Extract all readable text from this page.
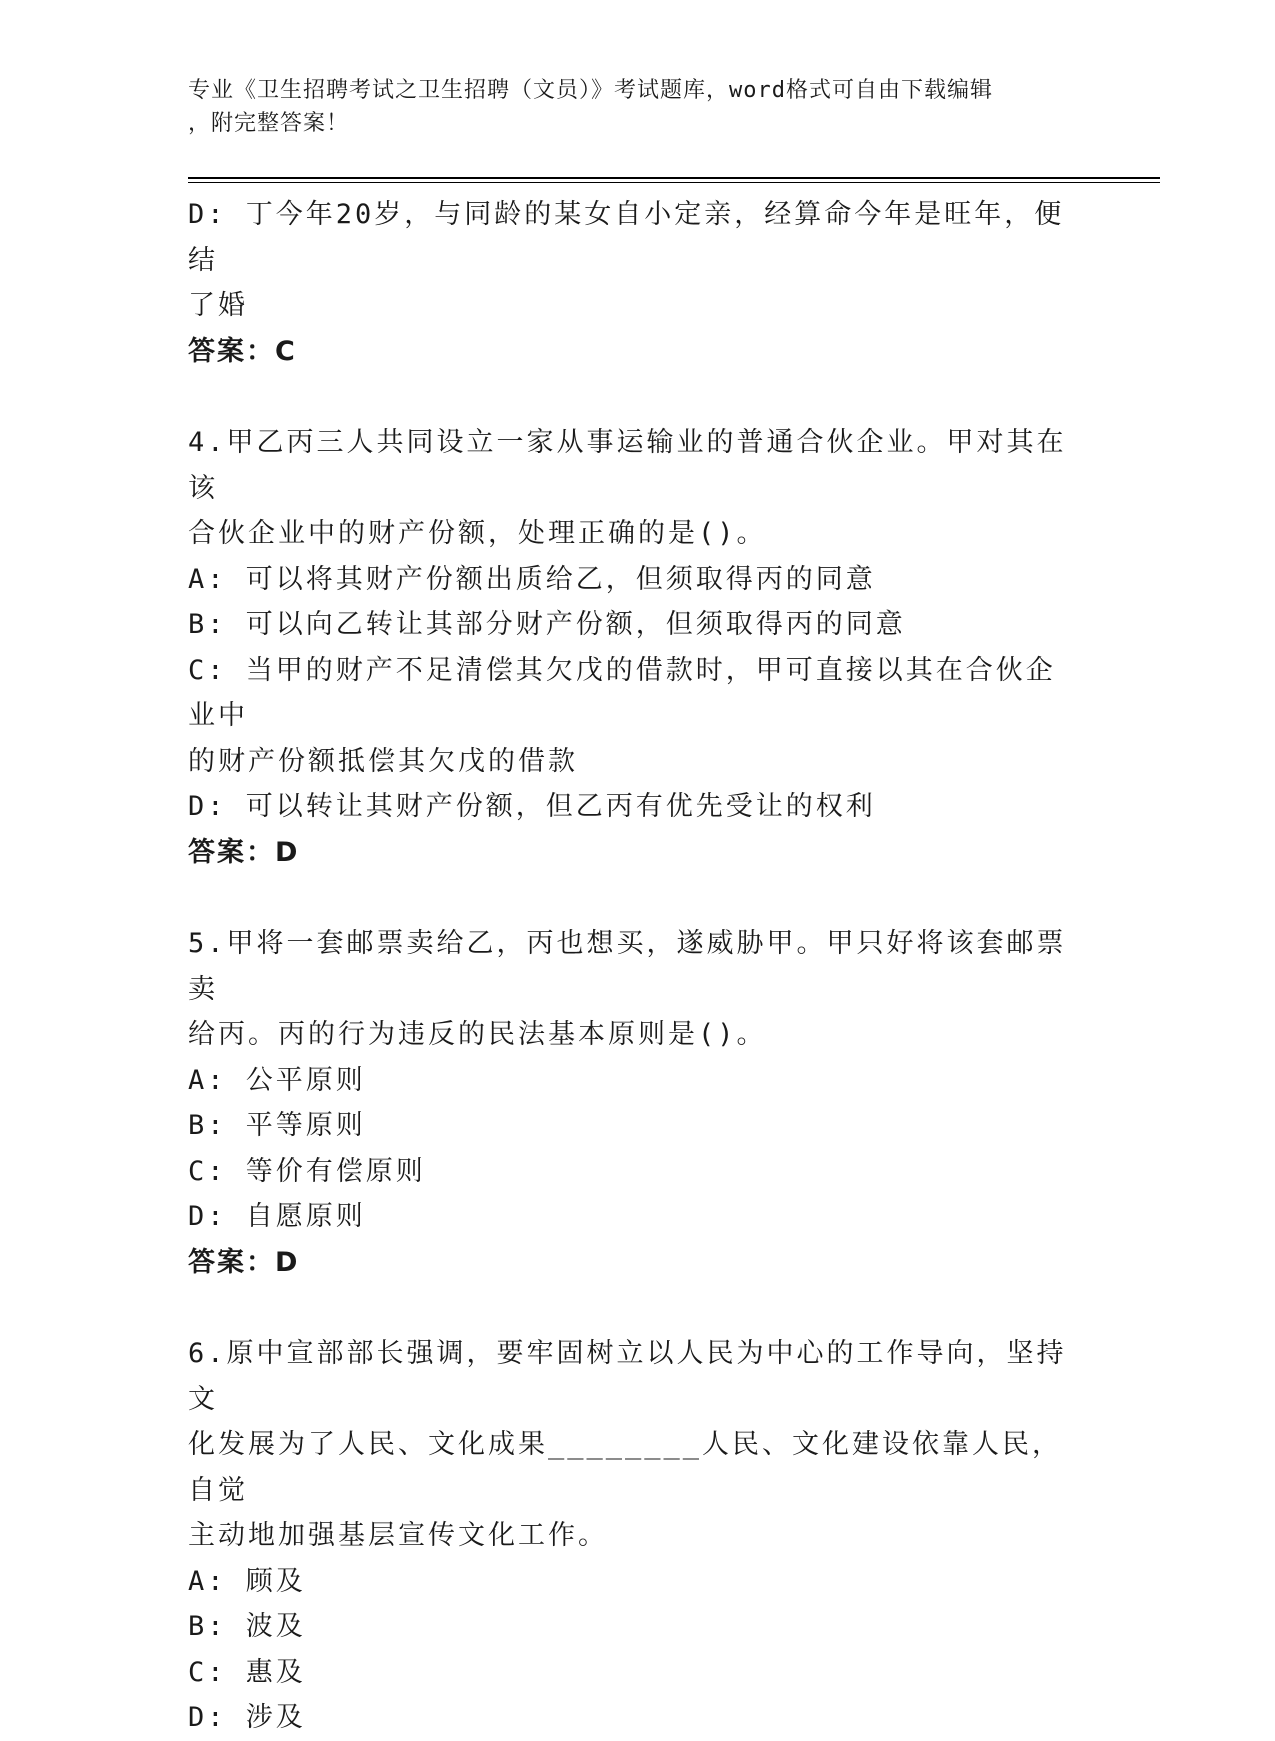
专业《卫生招聘考试之卫生招聘（文员）》考试题库，word格式可自由下载编辑
，附完整答案！
D: 丁今年20岁，与同龄的某女自小定亲，经算命今年是旺年，便结
了婚
答案：C
4.甲乙丙三人共同设立一家从事运输业的普通合伙企业。甲对其在该
合伙企业中的财产份额，处理正确的是()。
A: 可以将其财产份额出质给乙，但须取得丙的同意
B: 可以向乙转让其部分财产份额，但须取得丙的同意
C: 当甲的财产不足清偿其欠戊的借款时，甲可直接以其在合伙企业中
的财产份额抵偿其欠戊的借款
D: 可以转让其财产份额，但乙丙有优先受让的权利
答案：D
5.甲将一套邮票卖给乙，丙也想买，遂威胁甲。甲只好将该套邮票卖
给丙。丙的行为违反的民法基本原则是()。
A: 公平原则
B: 平等原则
C: 等价有偿原则
D: 自愿原则
答案：D
6.原中宣部部长强调，要牢固树立以人民为中心的工作导向，坚持文
化发展为了人民、文化成果________人民、文化建设依靠人民，自觉
主动地加强基层宣传文化工作。
A: 顾及
B: 波及
C: 惠及
D: 涉及
